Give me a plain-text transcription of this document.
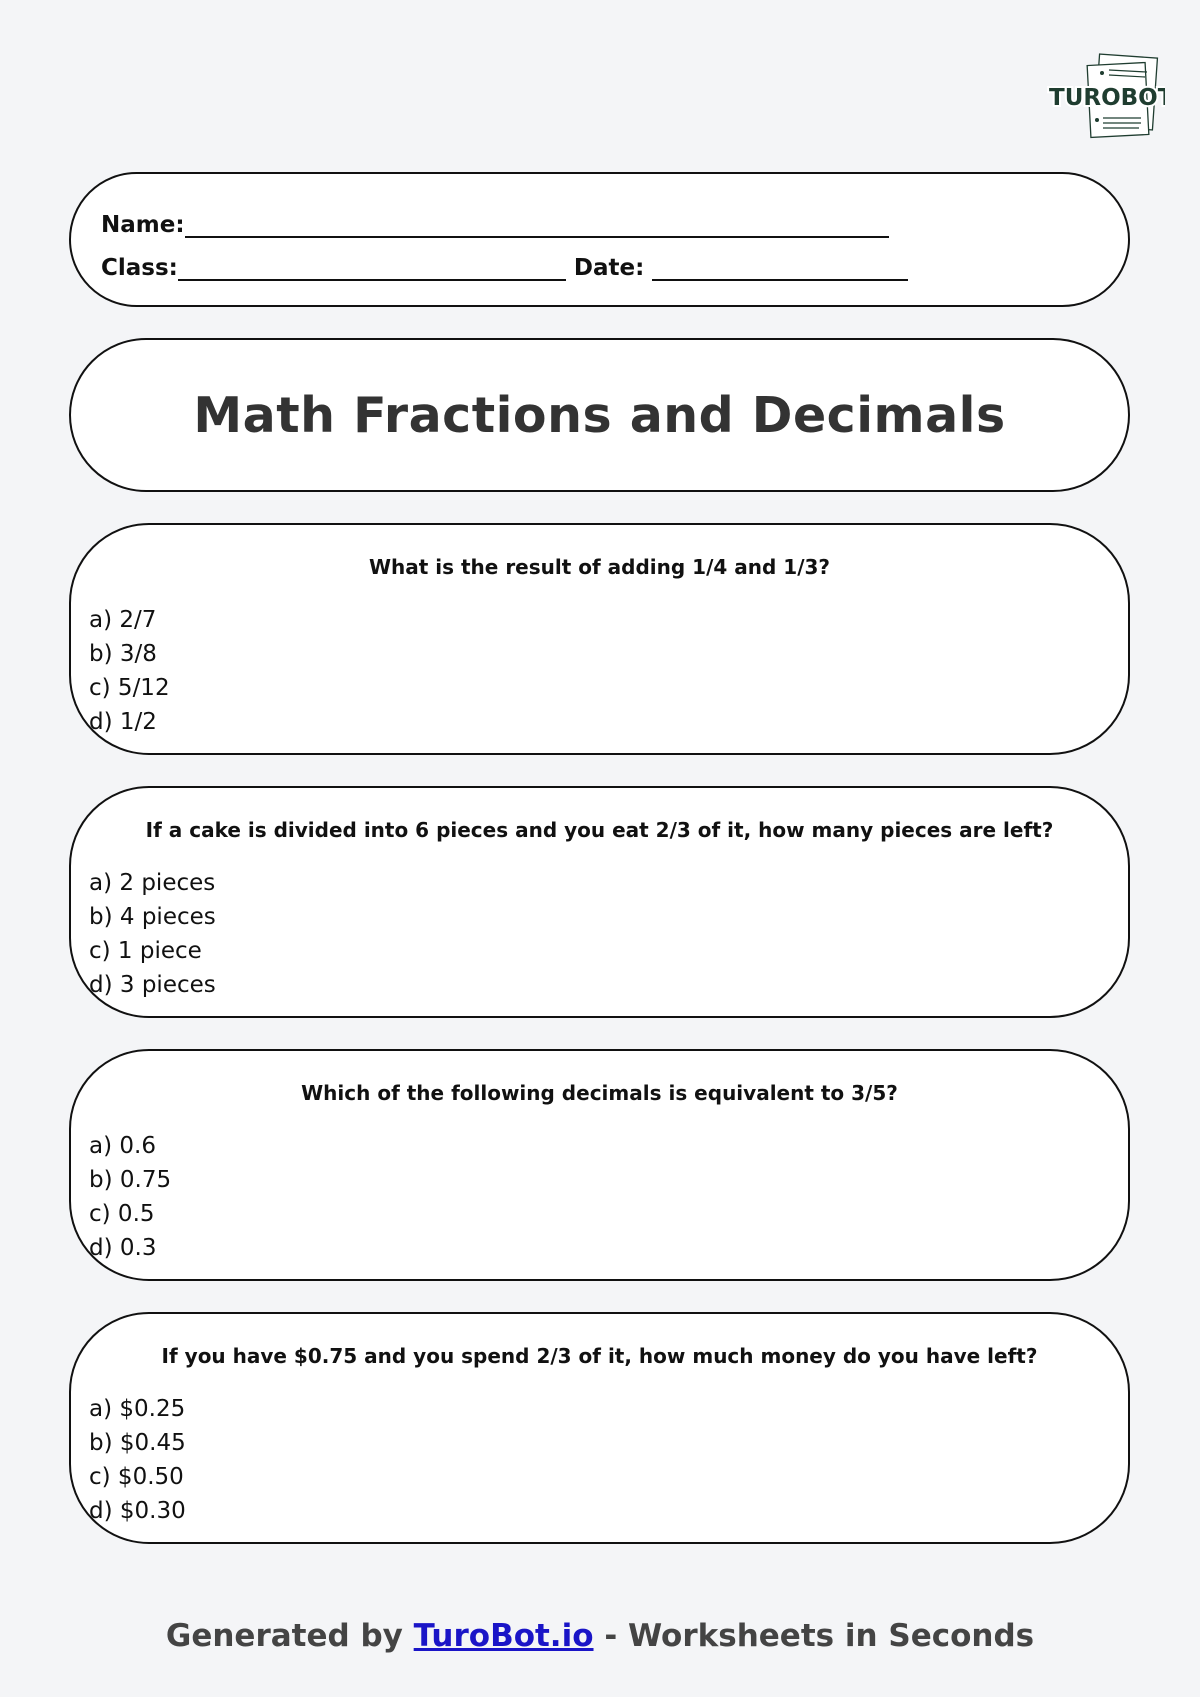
TUROBOT
Name:
Class:	Date:
Math Fractions and Decimals

What is the result of adding 1/4 and 1/3?

a) 2/7
b) 3/8
c) 5/12
d) 1/2

If a cake is divided into 6 pieces and you eat 2/3 of it, how many pieces are left?

a) 2 pieces
b) 4 pieces
c) 1 piece
d) 3 pieces

Which of the following decimals is equivalent to 3/5?

a) 0.6
b) 0.75
c) 0.5
d) 0.3

If you have $0.75 and you spend 2/3 of it, how much money do you have left?

a) $0.25
b) $0.45
c) $0.50
d) $0.30
Generated by TuroBot.io - Worksheets in Seconds
